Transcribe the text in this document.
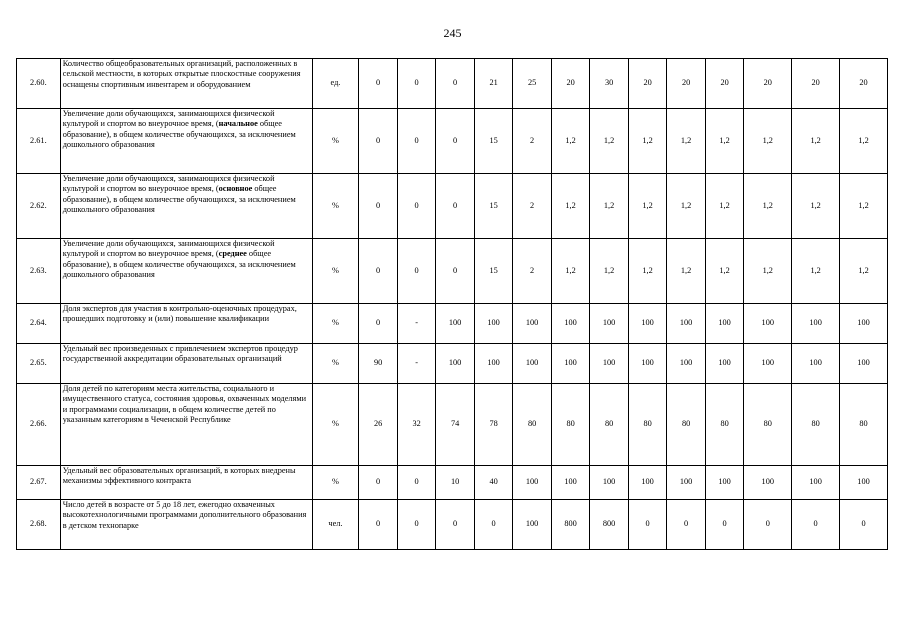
245
2.60.	Количество общеобразовательных организаций, расположенных в сельской местности, в которых открытые плоскостные сооружения оснащены спортивным инвентарем и оборудованием	ед.	0	0	0	21	25	20	30	20	20	20	20	20	20
2.61.	Увеличение доли обучающихся, занимающихся физической культурой и спортом во внеурочное время, (начальное общее образование), в общем количестве обучающихся, за исключением дошкольного образования	%	0	0	0	15	2	1,2	1,2	1,2	1,2	1,2	1,2	1,2	1,2
2.62.	Увеличение доли обучающихся, занимающихся физической культурой и спортом во внеурочное время, (основное общее образование), в общем количестве обучающихся, за исключением дошкольного образования	%	0	0	0	15	2	1,2	1,2	1,2	1,2	1,2	1,2	1,2	1,2
2.63.	Увеличение доли обучающихся, занимающихся физической культурой и спортом во внеурочное время, (среднее общее образование), в общем количестве обучающихся, за исключением дошкольного образования	%	0	0	0	15	2	1,2	1,2	1,2	1,2	1,2	1,2	1,2	1,2
2.64.	Доля экспертов для участия в контрольно-оценочных процедурах, прошедших подготовку и (или) повышение квалификации	%	0	-	100	100	100	100	100	100	100	100	100	100	100
2.65.	Удельный вес произведенных с привлечением экспертов процедур государственной аккредитации образовательных организаций	%	90	-	100	100	100	100	100	100	100	100	100	100	100
2.66.	Доля детей по категориям места жительства, социального и имущественного статуса, состояния здоровья, охваченных моделями и программами социализации, в общем количестве детей по указанным категориям в Чеченской Республике	%	26	32	74	78	80	80	80	80	80	80	80	80	80
2.67.	Удельный вес образовательных организаций, в которых внедрены механизмы эффективного контракта	%	0	0	10	40	100	100	100	100	100	100	100	100	100
2.68.	Число детей в возрасте от 5 до 18 лет, ежегодно охваченных высокотехнологичными программами дополнительного образования в детском технопарке	чел.	0	0	0	0	100	800	800	0	0	0	0	0	0
